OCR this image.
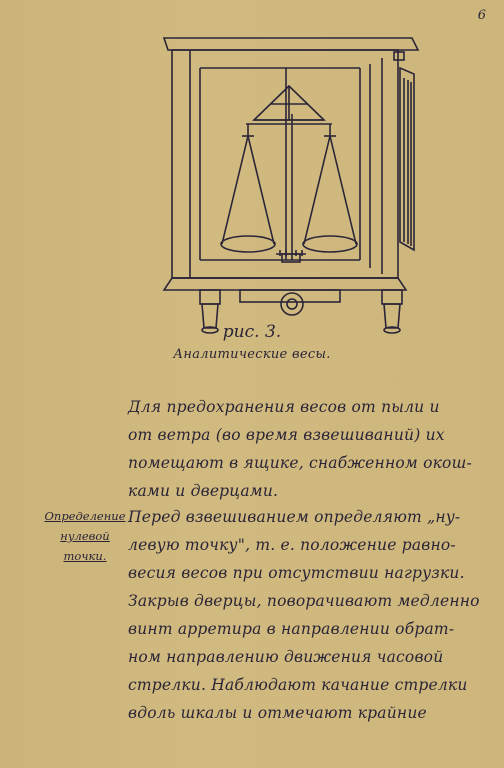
6
рис. 3.
Аналитические весы.
Для предохранения весов от пыли и
от ветра (во время взвешиваний) их
помещают в ящике, снабженном окош-
ками и дверцами.
Определение
нулевой
точки.
Перед взвешиванием определяют „ну-
левую точку", т. е. положение равно-
весия весов при отсутствии нагрузки.
Закрыв дверцы, поворачивают медленно
винт арретира в направлении обрат-
ном направлению движения часовой
стрелки. Наблюдают качание стрелки
вдоль шкалы и отмечают крайние
